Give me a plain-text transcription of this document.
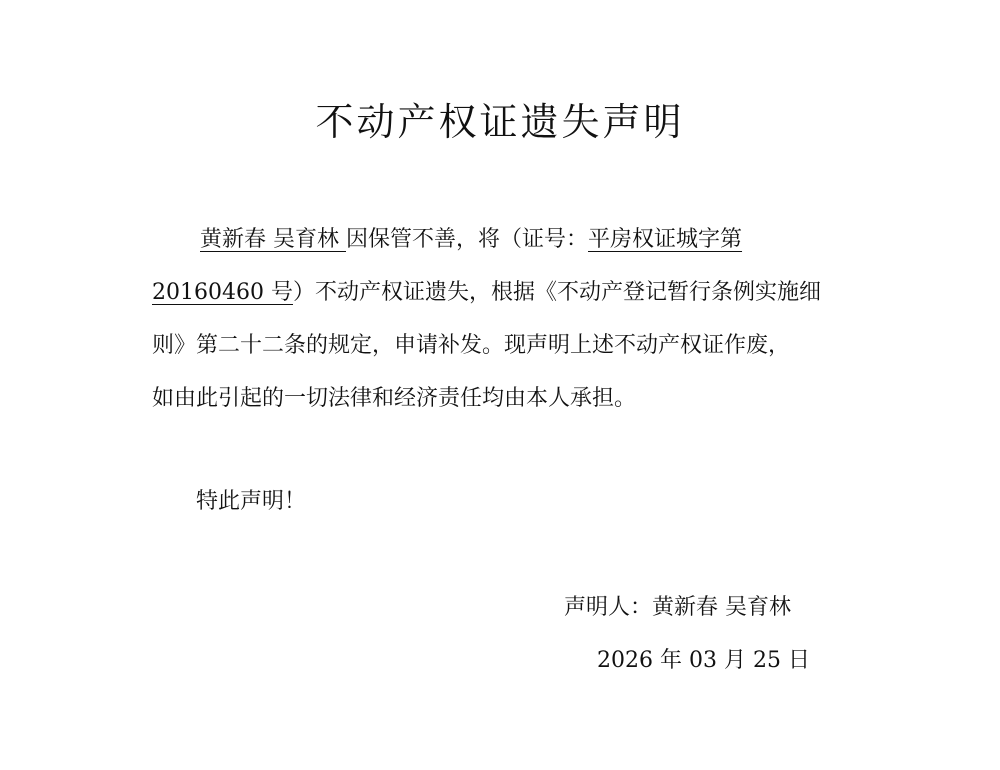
不动产权证遗失声明
黄新春 吴育林 因保管不善，将（证号：平房权证城字第
20160460 号）不动产权证遗失，根据《不动产登记暂行条例实施细
则》第二十二条的规定，申请补发。现声明上述不动产权证作废，
如由此引起的一切法律和经济责任均由本人承担。
特此声明！
声明人：黄新春 吴育林
2026 年 03 月 25 日
